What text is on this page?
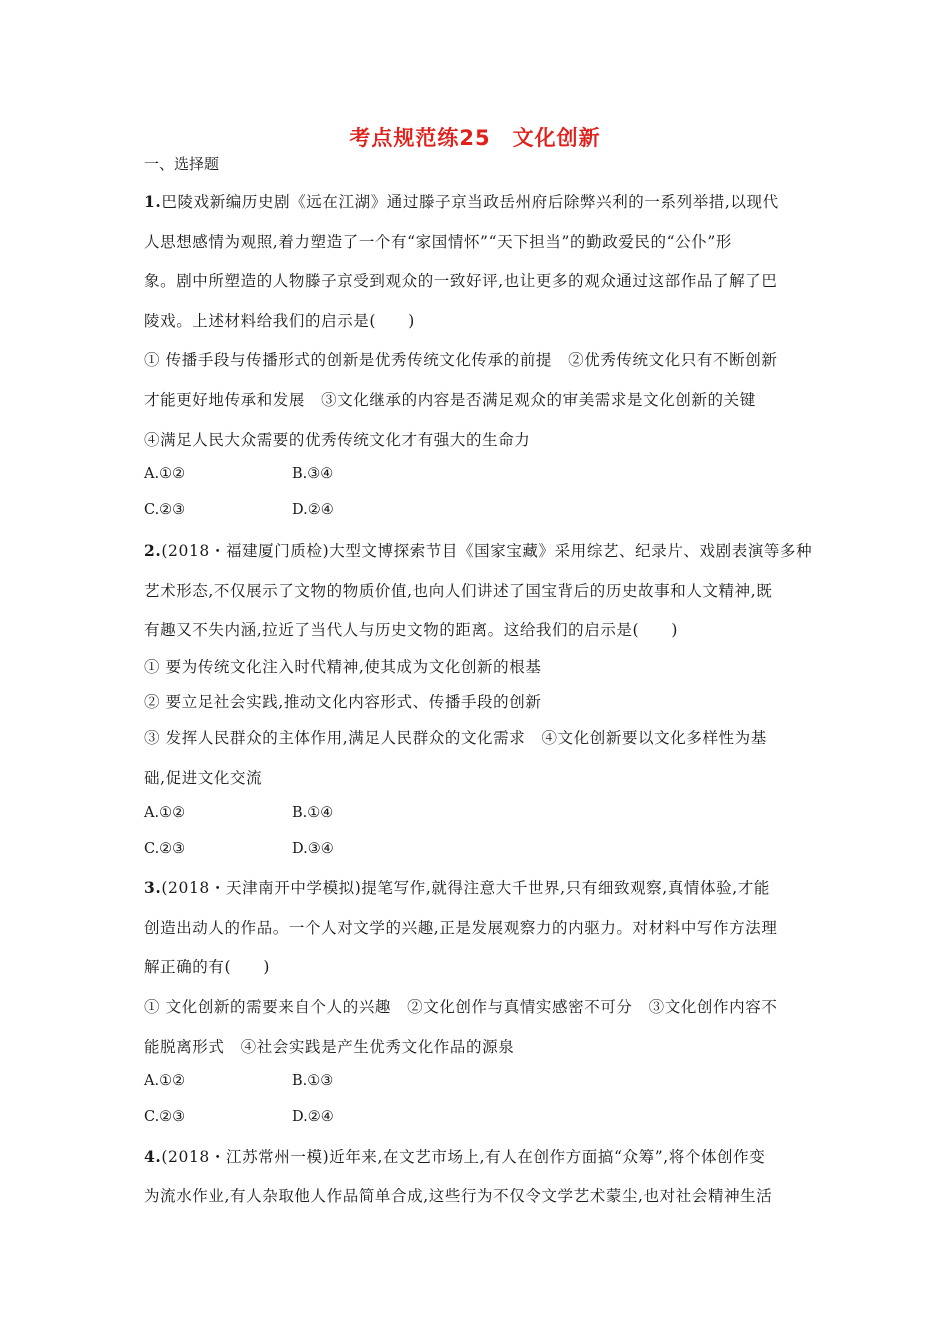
考点规范练25　文化创新
一、选择题
1.巴陵戏新编历史剧《远在江湖》通过滕子京当政岳州府后除弊兴利的一系列举措,以现代
人思想感情为观照,着力塑造了一个有“家国情怀”“天下担当”的勤政爱民的“公仆”形
象。剧中所塑造的人物滕子京受到观众的一致好评,也让更多的观众通过这部作品了解了巴
陵戏。上述材料给我们的启示是(　　)
① 传播手段与传播形式的创新是优秀传统文化传承的前提　②优秀传统文化只有不断创新
才能更好地传承和发展　③文化继承的内容是否满足观众的审美需求是文化创新的关键
④满足人民大众需要的优秀传统文化才有强大的生命力
A.①②	B.③④
C.②③	D.②④
2.(2018・福建厦门质检)大型文博探索节目《国家宝藏》采用综艺、纪录片、戏剧表演等多种
艺术形态,不仅展示了文物的物质价值,也向人们讲述了国宝背后的历史故事和人文精神,既
有趣又不失内涵,拉近了当代人与历史文物的距离。这给我们的启示是(　　)
① 要为传统文化注入时代精神,使其成为文化创新的根基
② 要立足社会实践,推动文化内容形式、传播手段的创新
③ 发挥人民群众的主体作用,满足人民群众的文化需求　④文化创新要以文化多样性为基
础,促进文化交流
A.①②	B.①④
C.②③	D.③④
3.(2018・天津南开中学模拟)提笔写作,就得注意大千世界,只有细致观察,真情体验,才能
创造出动人的作品。一个人对文学的兴趣,正是发展观察力的内驱力。对材料中写作方法理
解正确的有(　　)
① 文化创新的需要来自个人的兴趣　②文化创作与真情实感密不可分　③文化创作内容不
能脱离形式　④社会实践是产生优秀文化作品的源泉
A.①②	B.①③
C.②③	D.②④
4.(2018・江苏常州一模)近年来,在文艺市场上,有人在创作方面搞“众筹”,将个体创作变
为流水作业,有人杂取他人作品简单合成,这些行为不仅令文学艺术蒙尘,也对社会精神生活
